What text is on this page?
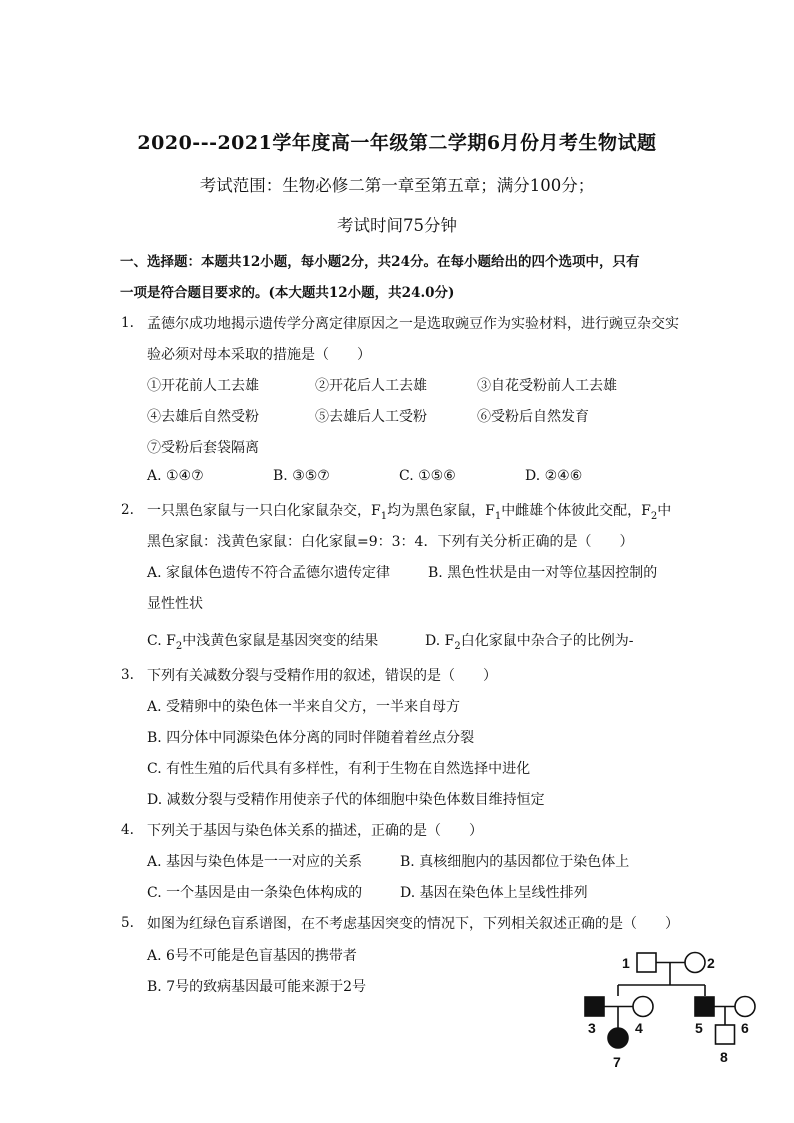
2020---2021学年度高一年级第二学期6月份月考生物试题
考试范围：生物必修二第一章至第五章；满分100分；
考试时间75分钟
一、选择题：本题共12小题，每小题2分，共24分。在每小题给出的四个选项中，只有
一项是符合题目要求的。(本大题共12小题，共24.0分)
1. 孟德尔成功地揭示遗传学分离定律原因之一是选取豌豆作为实验材料，进行豌豆杂交实
验必须对母本采取的措施是（　　）
①开花前人工去雄	②开花后人工去雄	③自花受粉前人工去雄
④去雄后自然受粉	⑤去雄后人工受粉	⑥受粉后自然发育
⑦受粉后套袋隔离
A. ①④⑦	B. ③⑤⑦	C. ①⑤⑥	D. ②④⑥
2. 一只黑色家鼠与一只白化家鼠杂交，$F_1$均为黑色家鼠，$F_1$中雌雄个体彼此交配，$F_2$中
黑色家鼠：浅黄色家鼠：白化家鼠=9：3：4．下列有关分析正确的是（　　）
A. 家鼠体色遗传不符合孟德尔遗传定律	B. 黑色性状是由一对等位基因控制的
显性性状
C. $F_2$中浅黄色家鼠是基因突变的结果	D. $F_2$白化家鼠中杂合子的比例为-
3. 下列有关减数分裂与受精作用的叙述，错误的是（　　）
A. 受精卵中的染色体一半来自父方，一半来自母方
B. 四分体中同源染色体分离的同时伴随着着丝点分裂
C. 有性生殖的后代具有多样性，有利于生物在自然选择中进化
D. 减数分裂与受精作用使亲子代的体细胞中染色体数目维持恒定
4. 下列关于基因与染色体关系的描述，正确的是（　　）
A. 基因与染色体是一一对应的关系	B. 真核细胞内的基因都位于染色体上
C. 一个基因是由一条染色体构成的	D. 基因在染色体上呈线性排列
5. 如图为红绿色盲系谱图，在不考虑基因突变的情况下，下列相关叙述正确的是（　　）
A. 6号不可能是色盲基因的携带者
B. 7号的致病基因最可能来源于2号
1	2
3	4	5	6
7	8
